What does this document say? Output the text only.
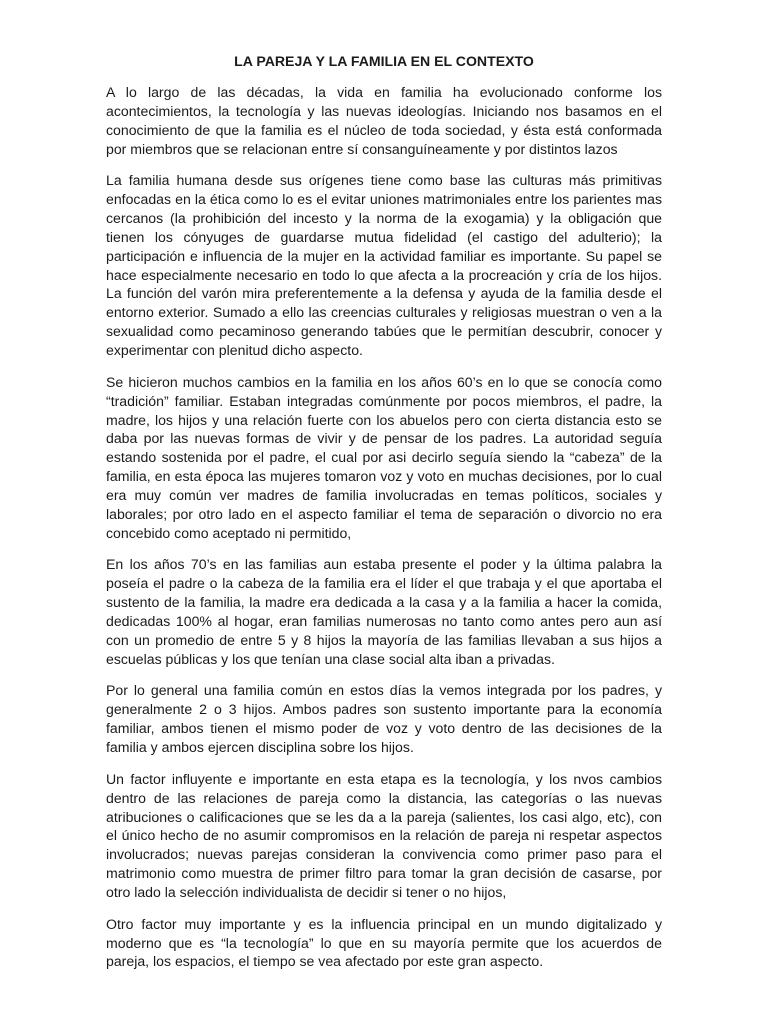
LA PAREJA Y LA FAMILIA EN EL CONTEXTO

A lo largo de las décadas, la vida en familia ha evolucionado conforme los acontecimientos, la tecnología y las nuevas ideologías. Iniciando nos basamos en el conocimiento de que la familia es el núcleo de toda sociedad, y ésta está conformada por miembros que se relacionan entre sí consanguíneamente y por distintos lazos

La familia humana desde sus orígenes tiene como base las culturas más primitivas enfocadas en la ética como lo es el evitar uniones matrimoniales entre los parientes mas cercanos (la prohibición del incesto y la norma de la exogamia) y la obligación que tienen los cónyuges de guardarse mutua fidelidad (el castigo del adulterio); la participación e influencia de la mujer en la actividad familiar es importante. Su papel se hace especialmente necesario en todo lo que afecta a la procreación y cría de los hijos. La función del varón mira preferentemente a la defensa y ayuda de la familia desde el entorno exterior. Sumado a ello las creencias culturales y religiosas muestran o ven a la sexualidad como pecaminoso generando tabúes que le permitían descubrir, conocer y experimentar con plenitud dicho aspecto.

Se hicieron muchos cambios en la familia en los años 60’s en lo que se conocía como “tradición” familiar. Estaban integradas comúnmente por pocos miembros, el padre, la madre, los hijos y una relación fuerte con los abuelos pero con cierta distancia esto se daba por las nuevas formas de vivir y de pensar de los padres. La autoridad seguía estando sostenida por el padre, el cual por asi decirlo seguía siendo la “cabeza” de la familia, en esta época las mujeres tomaron voz y voto en muchas decisiones, por lo cual era muy común ver madres de familia involucradas en temas políticos, sociales y laborales; por otro lado en el aspecto familiar el tema de separación o divorcio no era concebido como aceptado ni permitido,

En los años 70’s en las familias aun estaba presente el poder y la última palabra la poseía el padre o la cabeza de la familia era el líder el que trabaja y el que aportaba el sustento de la familia, la madre era dedicada a la casa y a la familia a hacer la comida, dedicadas 100% al hogar, eran familias numerosas no tanto como antes pero aun así con un promedio de entre 5 y 8 hijos la mayoría de las familias llevaban a sus hijos a escuelas públicas y los que tenían una clase social alta iban a privadas.

Por lo general una familia común en estos días la vemos integrada por los padres, y generalmente 2 o 3 hijos. Ambos padres son sustento importante para la economía familiar, ambos tienen el mismo poder de voz y voto dentro de las decisiones de la familia y ambos ejercen disciplina sobre los hijos.

Un factor influyente e importante en esta etapa es la tecnología, y los nvos cambios dentro de las relaciones de pareja como la distancia, las categorías o las nuevas atribuciones o calificaciones que se les da a la pareja (salientes, los casi algo, etc), con el único hecho de no asumir compromisos en la relación de pareja ni respetar aspectos involucrados; nuevas parejas consideran la convivencia como primer paso para el matrimonio como muestra de primer filtro para tomar la gran decisión de casarse, por otro lado la selección individualista de decidir si tener o no hijos,

Otro factor muy importante y es la influencia principal en un mundo digitalizado y moderno que es “la tecnología” lo que en su mayoría permite que los acuerdos de pareja, los espacios, el tiempo se vea afectado por este gran aspecto.
